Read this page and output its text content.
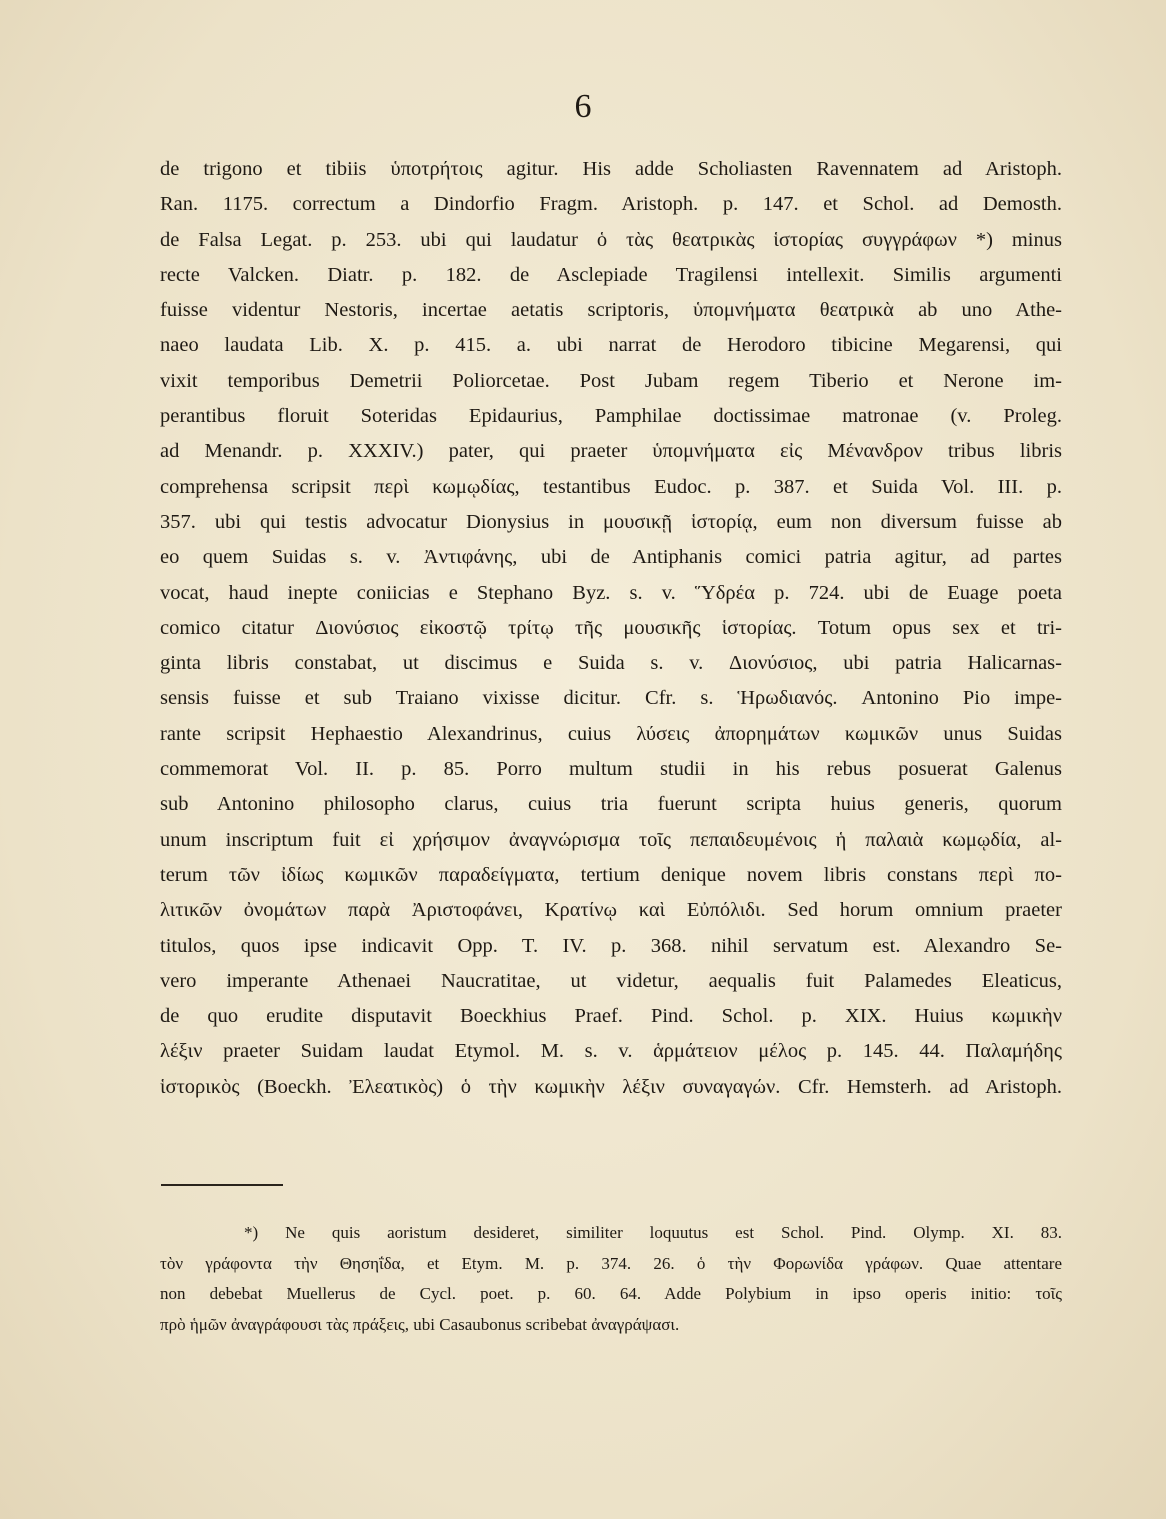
6
de trigono et tibiis ὑποτρήτοις agitur. His adde Scholiasten Ravennatem ad Aristoph.
Ran. 1175. correctum a Dindorfio Fragm. Aristoph. p. 147. et Schol. ad Demosth.
de Falsa Legat. p. 253. ubi qui laudatur ὁ τὰς θεατρικὰς ἱστορίας συγγράφων *) minus
recte Valcken. Diatr. p. 182. de Asclepiade Tragilensi intellexit. Similis argumenti
fuisse videntur Nestoris, incertae aetatis scriptoris, ὑπομνήματα θεατρικὰ ab uno Athe-
naeo laudata Lib. X. p. 415. a. ubi narrat de Herodoro tibicine Megarensi, qui
vixit temporibus Demetrii Poliorcetae. Post Jubam regem Tiberio et Nerone im-
perantibus floruit Soteridas Epidaurius, Pamphilae doctissimae matronae (v. Proleg.
ad Menandr. p. XXXIV.) pater, qui praeter ὑπομνήματα εἰς Μένανδρον tribus libris
comprehensa scripsit περὶ κωμῳδίας, testantibus Eudoc. p. 387. et Suida Vol. III. p.
357. ubi qui testis advocatur Dionysius in μουσικῇ ἱστορίᾳ, eum non diversum fuisse ab
eo quem Suidas s. v. Ἀντιφάνης, ubi de Antiphanis comici patria agitur, ad partes
vocat, haud inepte coniicias e Stephano Byz. s. v. Ὕδρέα p. 724. ubi de Euage poeta
comico citatur Διονύσιος εἰκοστῷ τρίτῳ τῆς μουσικῆς ἱστορίας. Totum opus sex et tri-
ginta libris constabat, ut discimus e Suida s. v. Διονύσιος, ubi patria Halicarnas-
sensis fuisse et sub Traiano vixisse dicitur. Cfr. s. Ἡρωδιανός. Antonino Pio impe-
rante scripsit Hephaestio Alexandrinus, cuius λύσεις ἀπορημάτων κωμικῶν unus Suidas
commemorat Vol. II. p. 85. Porro multum studii in his rebus posuerat Galenus
sub Antonino philosopho clarus, cuius tria fuerunt scripta huius generis, quorum
unum inscriptum fuit εἰ χρήσιμον ἀναγνώρισμα τοῖς πεπαιδευμένοις ἡ παλαιὰ κωμῳδία, al-
terum τῶν ἰδίως κωμικῶν παραδείγματα, tertium denique novem libris constans περὶ πο-
λιτικῶν ὀνομάτων παρὰ Ἀριστοφάνει, Κρατίνῳ καὶ Εὐπόλιδι. Sed horum omnium praeter
titulos, quos ipse indicavit Opp. T. IV. p. 368. nihil servatum est. Alexandro Se-
vero imperante Athenaei Naucratitae, ut videtur, aequalis fuit Palamedes Eleaticus,
de quo erudite disputavit Boeckhius Praef. Pind. Schol. p. XIX. Huius κωμικὴν
λέξιν praeter Suidam laudat Etymol. M. s. v. ἁρμάτειον μέλος p. 145. 44. Παλαμήδης
ἱστορικὸς (Boeckh. Ἐλεατικὸς) ὁ τὴν κωμικὴν λέξιν συναγαγών. Cfr. Hemsterh. ad Aristoph.
*) Ne quis aoristum desideret, similiter loquutus est Schol. Pind. Olymp. XI. 83.
τὸν γράφοντα τὴν Θησηΐδα, et Etym. M. p. 374. 26. ὁ τὴν Φορωνίδα γράφων. Quae attentare
non debebat Muellerus de Cycl. poet. p. 60. 64. Adde Polybium in ipso operis initio: τοῖς
πρὸ ἡμῶν ἀναγράφουσι τὰς πράξεις, ubi Casaubonus scribebat ἀναγράψασι.
